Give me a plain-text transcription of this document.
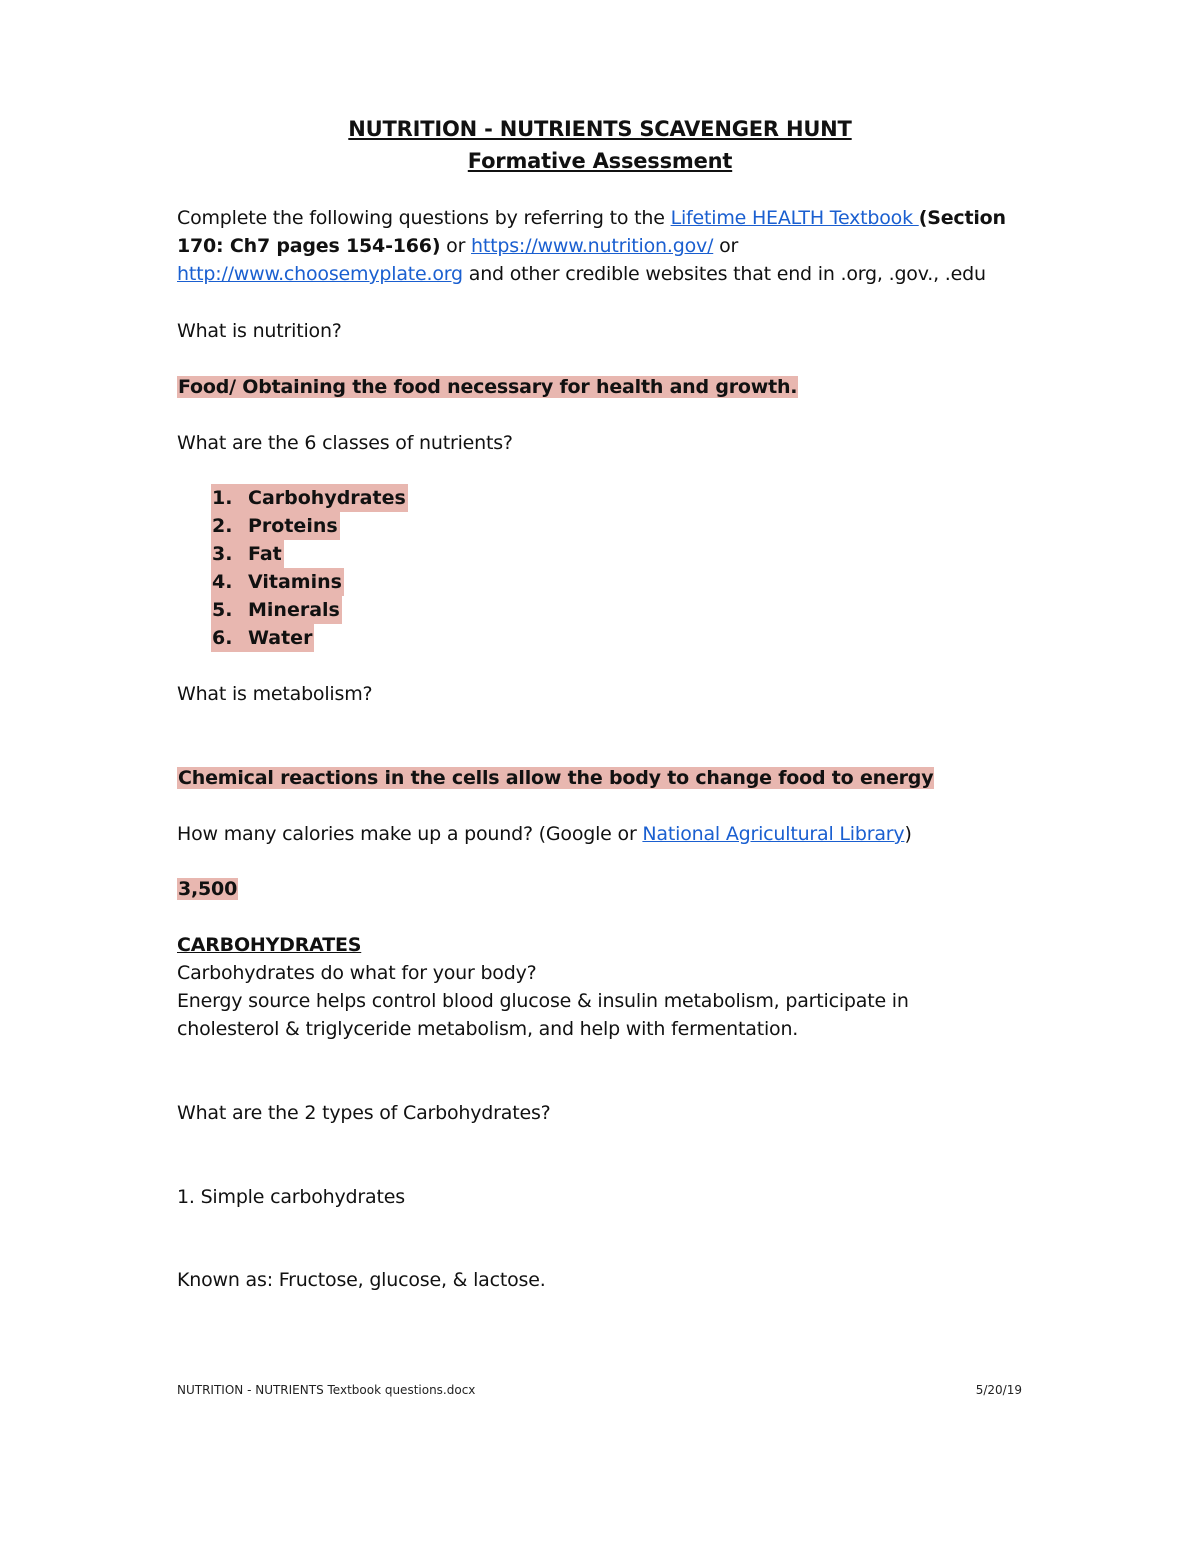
NUTRITION - NUTRIENTS SCAVENGER HUNT
Formative Assessment
Complete the following questions by referring to the Lifetime HEALTH Textbook (Section
170: Ch7 pages 154-166) or https://www.nutrition.gov/ or
http://www.choosemyplate.org and other credible websites that end in .org, .gov., .edu
What is nutrition?
Food/ Obtaining the food necessary for health and growth.
What are the 6 classes of nutrients?
1. Carbohydrates
2. Proteins
3. Fat
4. Vitamins
5. Minerals
6. Water
What is metabolism?
Chemical reactions in the cells allow the body to change food to energy
How many calories make up a pound? (Google or National Agricultural Library)
3,500
CARBOHYDRATES
Carbohydrates do what for your body?
Energy source helps control blood glucose & insulin metabolism, participate in
cholesterol & triglyceride metabolism, and help with fermentation.
What are the 2 types of Carbohydrates?
1. Simple carbohydrates
Known as: Fructose, glucose, & lactose.
NUTRITION - NUTRIENTS Textbook questions.docx	5/20/19
